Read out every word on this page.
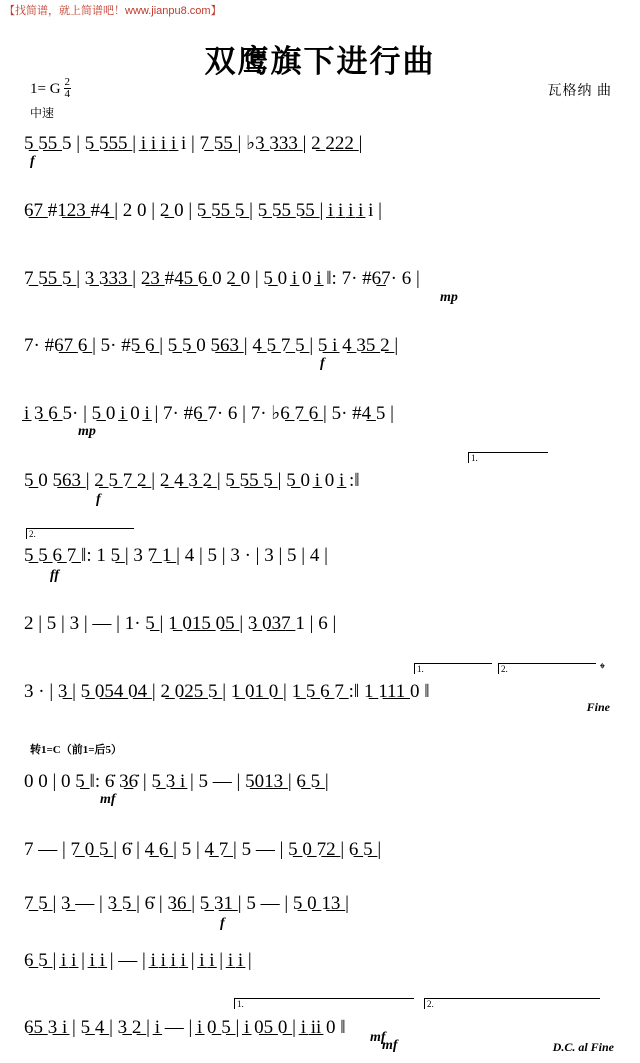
【找简谱，就上简谱吧！www.jianpu8.com】
双鹰旗下进行曲
1= G $\frac{2}{4}$	瓦格纳 曲
中速
转1=C（前1=后5）
Fine
D.C. al Fine
5̲ 5̲5̲ 5 | 5̲ 5̲5̲5̲ | i̲ i̲ i̲ i̲ i | 7̲ 5̲5̲ | ♭3̲ 3̲3̲3̲ | 2̲ 2̲2̲2̲ |
6̲7̲ #1̲2̲3̲ #4̲ | 2 0 | 2̲ 0 | 5̲ 5̲5̲ 5̲ | 5̲ 5̲5̲ 5̲5̲ | i̲ i̲ i̲ i̲ i |
7̲ 5̲5̲ 5̲ | 3̲ 3̲3̲3̲ | 2̲3̲ #4̲5̲ 6̲ 0 2̲ 0 | 5̲ 0 i̲ 0 i̲ ‖: 7· #6̲7· 6 |
7· #6̲7̲ 6̲ | 5· #5̲ 6̲ | 5̲ 5̲ 0 5̲6̲3̲ | 4̲ 5̲ 7̲ 5̲ | 5̲ i̲ 4̲ 3̲5̲ 2̲ |
i̲ 3̲ 6̲ 5· | 5̲ 0 i̲ 0 i̲ | 7· #6̲ 7· 6 | 7· ♭6̲ 7̲ 6̲ | 5· #4̲ 5 |
5̲ 0 5̲6̲3̲ | 2̲ 5̲ 7̲ 2̲ | 2̲ 4̲ 3̲ 2̲ | 5̲ 5̲5̲ 5̲ | 5̲ 0 i̲ 0 i̲ :‖
5̲ 5̲ 6̲ 7̲ ‖: 1 5̲ | 3 7̲ 1̲ | 4 | 5 | 3 · | 3 | 5 | 4 |
2 | 5 | 3 | — | 1· 5̲ | 1̲ 0̲1̲5̲ 0̲5̲ | 3̲ 0̲3̲7̲ 1 | 6 |
3 · | 3̲ | 5̲ 0̲5̲4̲ 0̲4̲ | 2̲ 0̲2̲5̲ 5̲ | 1̲ 0̲1̲ 0̲ | 1̲ 5̲ 6̲ 7̲ :‖ 1̲ 1̲1̲1̲ 0 ‖
0 0 | 0 5̲ ‖: 6̇ 3̲6̇ | 5̲ 3̲ i̲ | 5 — | 5̲0̲1̲3̲ | 6̲ 5̲ |
7 — | 7̲ 0̲ 5̲ | 6̇ | 4̲ 6̲ | 5 | 4̲ 7̲ | 5 — | 5̲ 0̲ 7̲2̲ | 6̲ 5̲ |
7̲ 5̲ | 3̲ — | 3̲ 5̲ | 6̇ | 3̲6̲ | 5̲ 3̲1̲ | 5 — | 5̲ 0̲ 1̲3̲ |
6̲ 5̲ | i̲ i̲ | i̲ i̲ | — | i̲ i̲ i̲ i̲ | i̲ i̲ | i̲ i̲ |
6̲5̲ 3̲ i̲ | 5̲ 4̲ | 3̲ 2̲ | i̲ — | i̲ 0̲ 5̲ | i̲ 0̲5̲ 0̲ | i̲ i̲i̲ 0 ‖
f
mp
f
mp
f
ff
mf
f
mf
mf
1.
2.
1.	2.
1.	2.
𝄌
